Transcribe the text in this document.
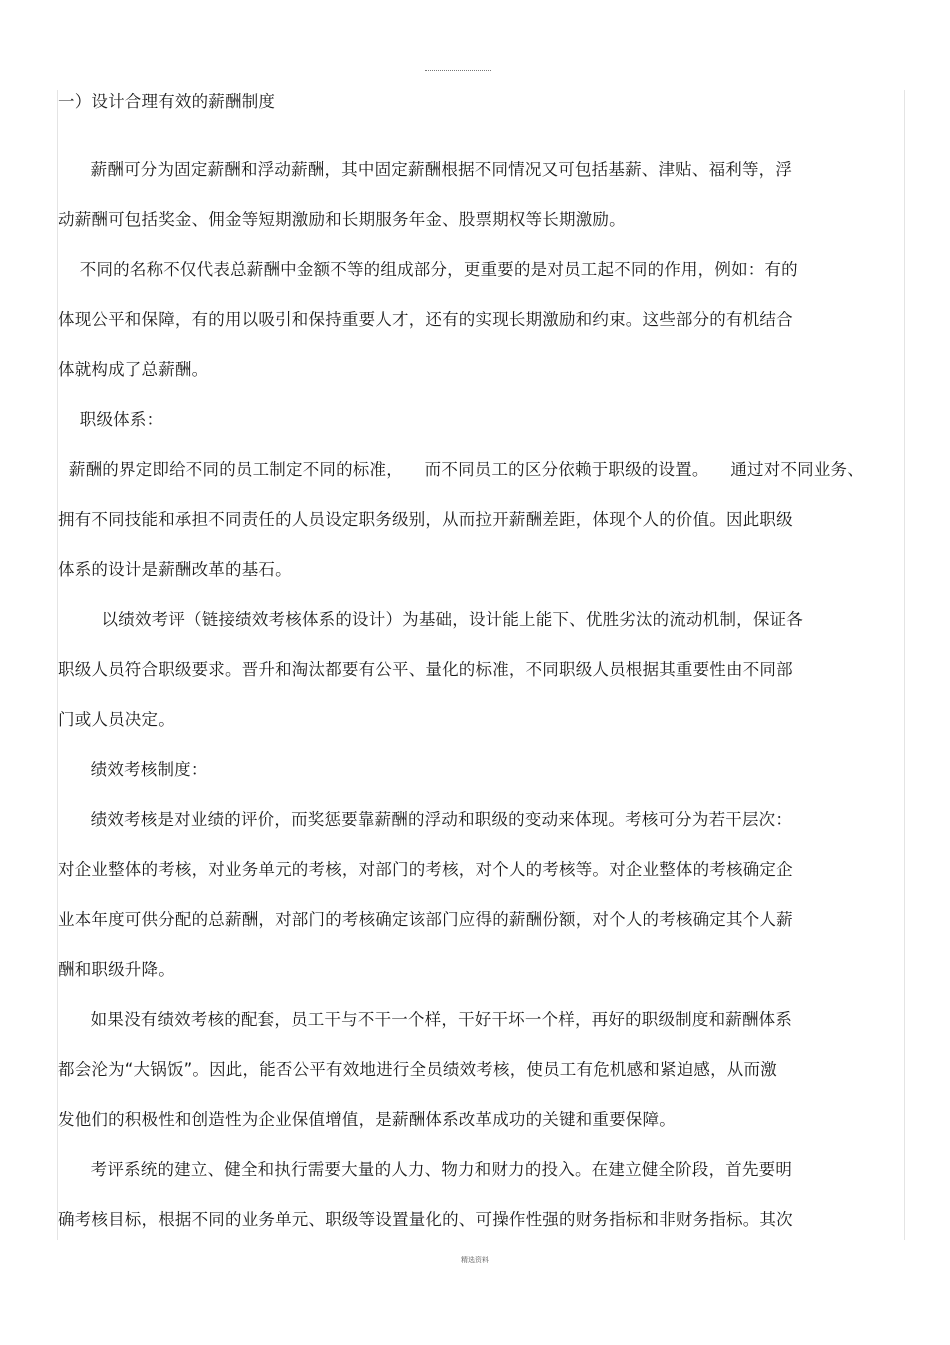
一）设计合理有效的薪酬制度
薪酬可分为固定薪酬和浮动薪酬，其中固定薪酬根据不同情况又可包括基薪、津贴、福利等，浮
动薪酬可包括奖金、佣金等短期激励和长期服务年金、股票期权等长期激励。
不同的名称不仅代表总薪酬中金额不等的组成部分，更重要的是对员工起不同的作用，例如：有的
体现公平和保障，有的用以吸引和保持重要人才，还有的实现长期激励和约束。这些部分的有机结合
体就构成了总薪酬。
职级体系：
薪酬的界定即给不同的员工制定不同的标准，    而不同员工的区分依赖于职级的设置。    通过对不同业务、
拥有不同技能和承担不同责任的人员设定职务级别，从而拉开薪酬差距，体现个人的价值。因此职级
体系的设计是薪酬改革的基石。
以绩效考评（链接绩效考核体系的设计）为基础，设计能上能下、优胜劣汰的流动机制，保证各
职级人员符合职级要求。晋升和淘汰都要有公平、量化的标准，不同职级人员根据其重要性由不同部
门或人员决定。
绩效考核制度：
绩效考核是对业绩的评价，而奖惩要靠薪酬的浮动和职级的变动来体现。考核可分为若干层次：
对企业整体的考核，对业务单元的考核，对部门的考核，对个人的考核等。对企业整体的考核确定企
业本年度可供分配的总薪酬，对部门的考核确定该部门应得的薪酬份额，对个人的考核确定其个人薪
酬和职级升降。
如果没有绩效考核的配套，员工干与不干一个样，干好干坏一个样，再好的职级制度和薪酬体系
都会沦为“大锅饭”。因此，能否公平有效地进行全员绩效考核，使员工有危机感和紧迫感，从而激
发他们的积极性和创造性为企业保值增值，是薪酬体系改革成功的关键和重要保障。
考评系统的建立、健全和执行需要大量的人力、物力和财力的投入。在建立健全阶段，首先要明
确考核目标，根据不同的业务单元、职级等设置量化的、可操作性强的财务指标和非财务指标。其次
精选资料
